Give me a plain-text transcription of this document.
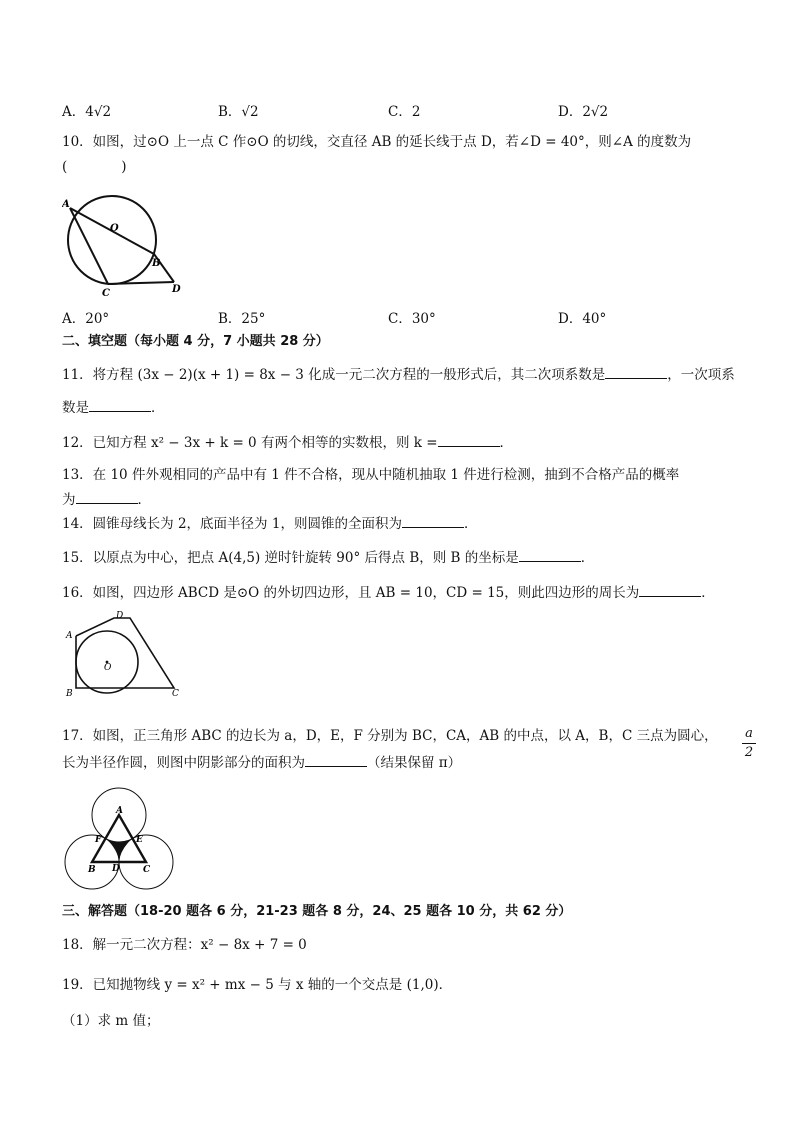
A．4√2	B．√2	C．2	D．2√2
10．如图，过⊙O 上一点 C 作⊙O 的切线，交直径 AB 的延长线于点 D，若∠D = 40°，则∠A 的度数为
(　　　　)
A
O
B
C	D
A．20°	B．25°	C．30°	D．40°
二、填空题（每小题 4 分，7 小题共 28 分）
11．将方程 (3x − 2)(x + 1) = 8x − 3 化成一元二次方程的一般形式后，其二次项系数是	，一次项系
数是	．
12．已知方程 x² − 3x + k = 0 有两个相等的实数根，则 k =	．
13．在 10 件外观相同的产品中有 1 件不合格，现从中随机抽取 1 件进行检测，抽到不合格产品的概率
为	．
14．圆锥母线长为 2，底面半径为 1，则圆锥的全面积为	．
15．以原点为中心，把点 A(4,5) 逆时针旋转 90° 后得点 B，则 B 的坐标是	．
16．如图，四边形 ABCD 是⊙O 的外切四边形，且 AB = 10，CD = 15，则此四边形的周长为	．
D
A
O
B	C
17．如图，正三角形 ABC 的边长为 a，D，E，F 分别为 BC，CA，AB 的中点，以 A，B，C 三点为圆心， a
2
长为半径作圆，则图中阴影部分的面积为	（结果保留 π）
A
F	E
B D	C
三、解答题（18-20 题各 6 分，21-23 题各 8 分，24、25 题各 10 分，共 62 分）
18．解一元二次方程：x² − 8x + 7 = 0
19．已知抛物线 y = x² + mx − 5 与 x 轴的一个交点是 (1,0)．
（1）求 m 值；
